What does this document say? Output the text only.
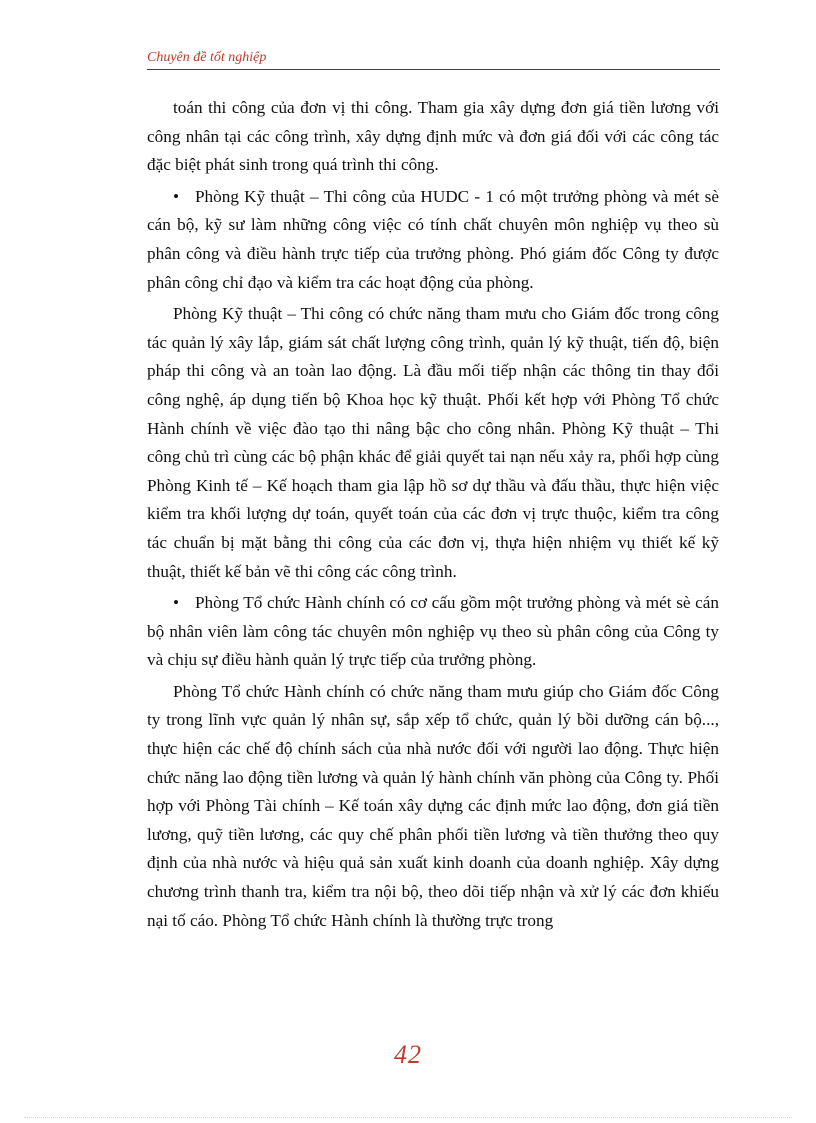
Chuyên đề tốt nghiệp

toán thi công của đơn vị thi công. Tham gia xây dựng đơn giá tiền lương với công nhân tại các công trình, xây dựng định mức và đơn giá đối với các công tác đặc biệt phát sinh trong quá trình thi công.

• Phòng Kỹ thuật – Thi công của HUDC - 1 có một trưởng phòng và mét sè cán bộ, kỹ sư làm những công việc có tính chất chuyên môn nghiệp vụ theo sù phân công và điều hành trực tiếp của trưởng phòng. Phó giám đốc Công ty được phân công chỉ đạo và kiểm tra các hoạt động của phòng.

Phòng Kỹ thuật – Thi công có chức năng tham mưu cho Giám đốc trong công tác quản lý xây lắp, giám sát chất lượng công trình, quản lý kỹ thuật, tiến độ, biện pháp thi công và an toàn lao động. Là đầu mối tiếp nhận các thông tin thay đổi công nghệ, áp dụng tiến bộ Khoa học kỹ thuật. Phối kết hợp với Phòng Tổ chức Hành chính về việc đào tạo thi nâng bậc cho công nhân. Phòng Kỹ thuật – Thi công chủ trì cùng các bộ phận khác để giải quyết tai nạn nếu xảy ra, phối hợp cùng Phòng Kinh tế – Kế hoạch tham gia lập hồ sơ dự thầu và đấu thầu, thực hiện việc kiểm tra khối lượng dự toán, quyết toán của các đơn vị trực thuộc, kiểm tra công tác chuẩn bị mặt bằng thi công của các đơn vị, thựa hiện nhiệm vụ thiết kế kỹ thuật, thiết kế bản vẽ thi công các công trình.

• Phòng Tổ chức Hành chính có cơ cấu gồm một trưởng phòng và mét sè cán bộ nhân viên làm công tác chuyên môn nghiệp vụ theo sù phân công của Công ty và chịu sự điều hành quản lý trực tiếp của trưởng phòng.

Phòng Tổ chức Hành chính có chức năng tham mưu giúp cho Giám đốc Công ty trong lĩnh vực quản lý nhân sự, sắp xếp tổ chức, quản lý bồi dưỡng cán bộ..., thực hiện các chế độ chính sách của nhà nước đối với người lao động. Thực hiện chức năng lao động tiền lương và quản lý hành chính văn phòng của Công ty. Phối hợp với Phòng Tài chính – Kế toán xây dựng các định mức lao động, đơn giá tiền lương, quỹ tiền lương, các quy chế phân phối tiền lương và tiền thưởng theo quy định của nhà nước và hiệu quả sản xuất kinh doanh của doanh nghiệp. Xây dựng chương trình thanh tra, kiểm tra nội bộ, theo dõi tiếp nhận và xử lý các đơn khiếu nại tố cáo. Phòng Tổ chức Hành chính là thường trực trong

42
